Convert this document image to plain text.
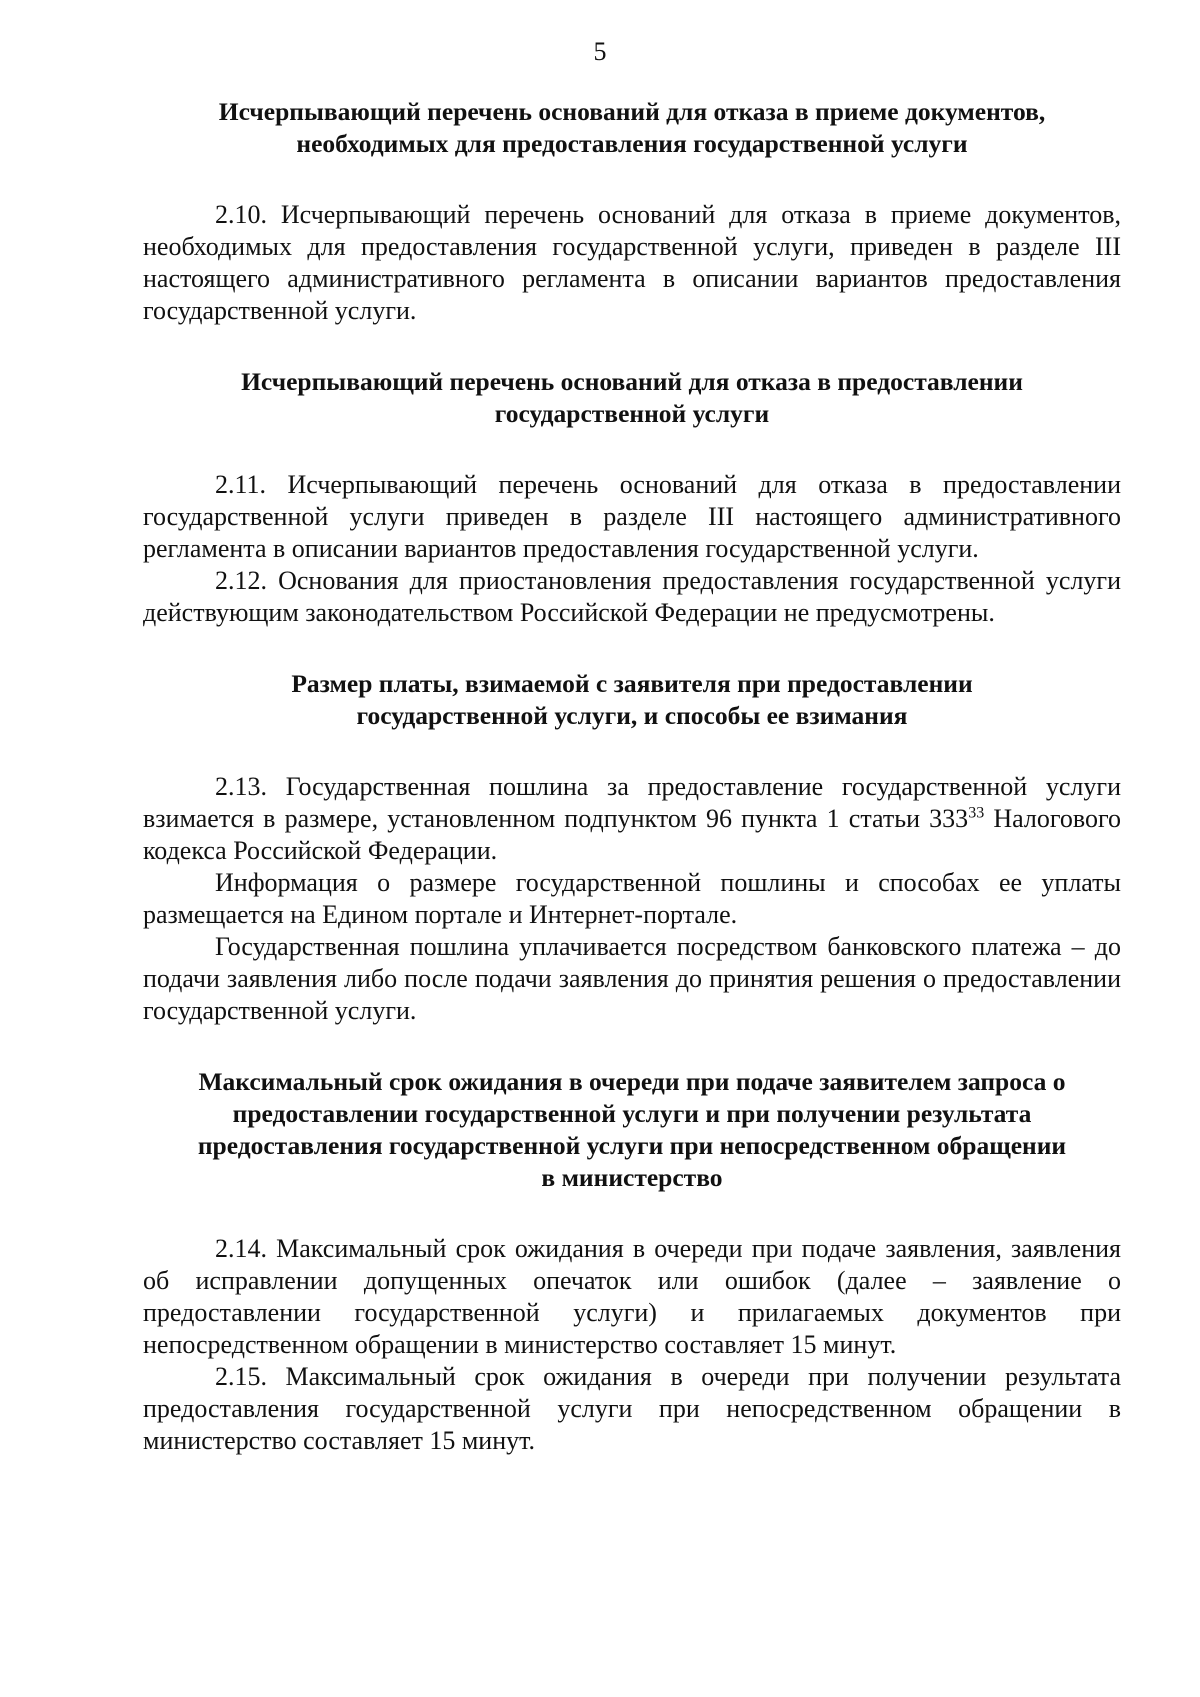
5
Исчерпывающий перечень оснований для отказа в приеме документов,
необходимых для предоставления государственной услуги

2.10. Исчерпывающий перечень оснований для отказа в приеме документов, необходимых для предоставления государственной услуги, приведен в разделе III настоящего административного регламента в описании вариантов предоставления государственной услуги.

Исчерпывающий перечень оснований для отказа в предоставлении
государственной услуги

2.11. Исчерпывающий перечень оснований для отказа в предоставлении государственной услуги приведен в разделе III настоящего административного регламента в описании вариантов предоставления государственной услуги.

2.12. Основания для приостановления предоставления государственной услуги действующим законодательством Российской Федерации не предусмотрены.

Размер платы, взимаемой с заявителя при предоставлении
государственной услуги, и способы ее взимания

2.13. Государственная пошлина за предоставление государственной услуги взимается в размере, установленном подпунктом 96 пункта 1 статьи $333^{33}$ Налогового кодекса Российской Федерации.

Информация о размере государственной пошлины и способах ее уплаты размещается на Едином портале и Интернет-портале.

Государственная пошлина уплачивается посредством банковского платежа – до подачи заявления либо после подачи заявления до принятия решения о предоставлении государственной услуги.

Максимальный срок ожидания в очереди при подаче заявителем запроса о
предоставлении государственной услуги и при получении результата
предоставления государственной услуги при непосредственном обращении
в министерство

2.14. Максимальный срок ожидания в очереди при подаче заявления, заявления об исправлении допущенных опечаток или ошибок (далее – заявление о предоставлении государственной услуги) и прилагаемых документов при непосредственном обращении в министерство составляет 15 минут.

2.15. Максимальный срок ожидания в очереди при получении результата предоставления государственной услуги при непосредственном обращении в министерство составляет 15 минут.
